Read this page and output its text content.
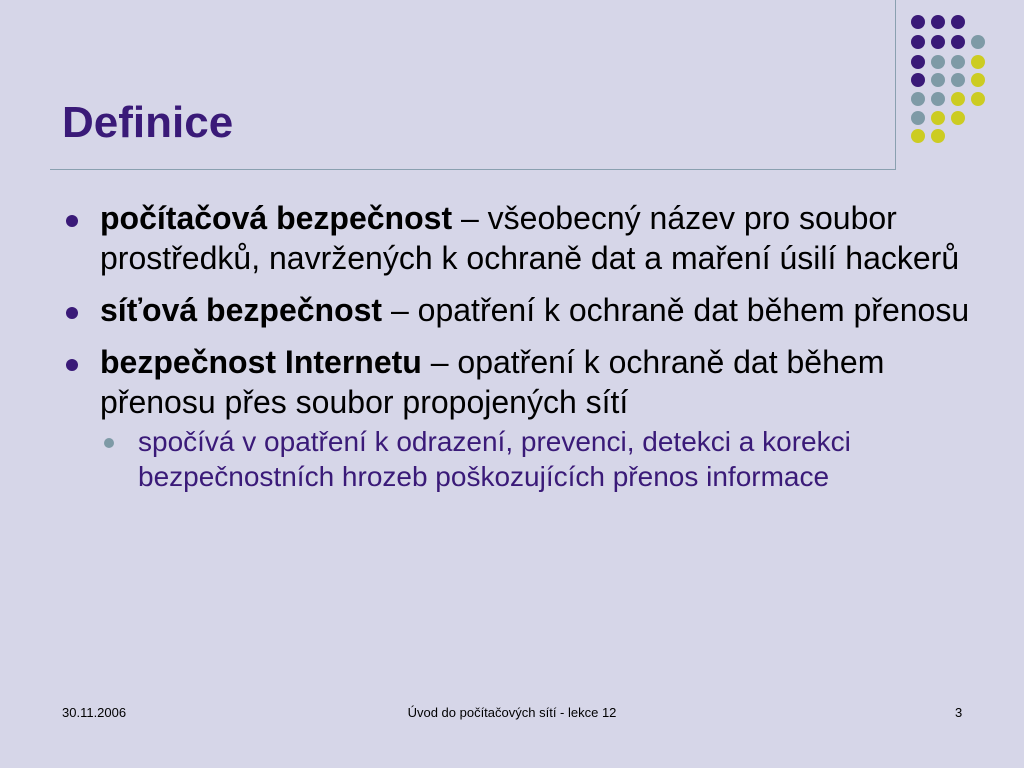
Definice
počítačová bezpečnost – všeobecný název pro soubor prostředků, navržených k ochraně dat a maření úsilí hackerů
síťová bezpečnost – opatření k ochraně dat během přenosu
bezpečnost Internetu – opatření k ochraně dat během přenosu přes soubor propojených sítí
spočívá v opatření k odrazení, prevenci, detekci a korekci bezpečnostních hrozeb poškozujících přenos informace
30.11.2006	Úvod do počítačových sítí - lekce 12	3
